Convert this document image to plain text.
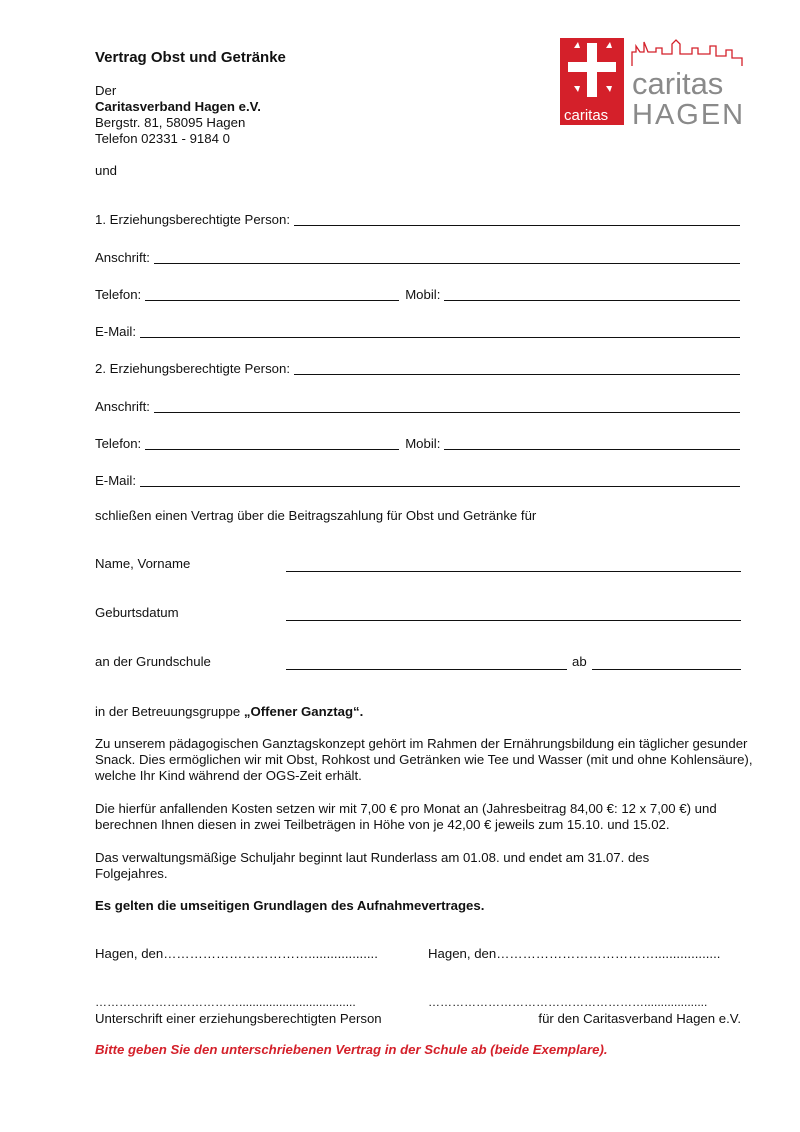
Vertrag Obst und Getränke
Der
Caritasverband Hagen e.V.
Bergstr. 81, 58095 Hagen
Telefon 02331 - 9184 0
caritas
HAGEN
caritas
und
1. Erziehungsberechtigte Person:
Anschrift:
Telefon:	Mobil:
E-Mail:
2. Erziehungsberechtigte Person:
Anschrift:
Telefon:	Mobil:
E-Mail:
schließen einen Vertrag über die Beitragszahlung für Obst und Getränke für
Name, Vorname
Geburtsdatum
an der Grundschule	ab
in der Betreuungsgruppe „Offener Ganztag“.
Zu unserem pädagogischen Ganztagskonzept gehört im Rahmen der Ernährungsbildung ein täglicher gesunder Snack. Dies ermöglichen wir mit Obst, Rohkost und Getränken wie Tee und Wasser (mit und ohne Kohlensäure), welche Ihr Kind während der OGS-Zeit erhält.
Die hierfür anfallenden Kosten setzen wir mit 7,00 € pro Monat an (Jahresbeitrag 84,00 €: 12 x 7,00 €) und berechnen Ihnen diesen in zwei Teilbeträgen in Höhe von je 42,00 € jeweils zum 15.10. und 15.02.
Das verwaltungsmäßige Schuljahr beginnt laut Runderlass am 01.08. und endet am 31.07. des Folgejahres.
Es gelten die umseitigen Grundlagen des Aufnahmevertrages.
Hagen, den……………………………...................	Hagen, den………………………………..................
………………………………...................................	………………………………………………...................
Unterschrift einer erziehungsberechtigten Person	für den Caritasverband Hagen e.V.
Bitte geben Sie den unterschriebenen Vertrag in der Schule ab (beide Exemplare).
